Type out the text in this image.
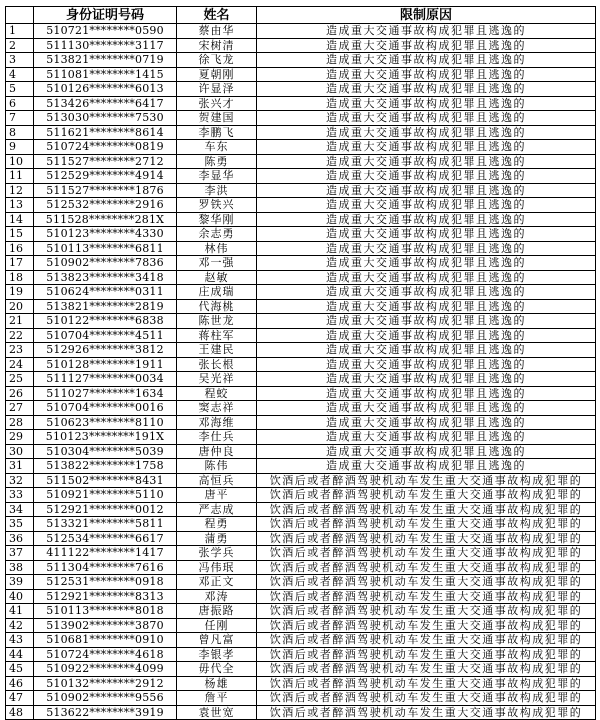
	身份证明号码	姓名	限制原因
1	510721********0590	蔡由华	造成重大交通事故构成犯罪且逃逸的
2	511130********3117	宋树清	造成重大交通事故构成犯罪且逃逸的
3	513821********0719	徐飞龙	造成重大交通事故构成犯罪且逃逸的
4	511081********1415	夏朝刚	造成重大交通事故构成犯罪且逃逸的
5	510126********6013	许显泽	造成重大交通事故构成犯罪且逃逸的
6	513426********6417	张兴才	造成重大交通事故构成犯罪且逃逸的
7	513030********7530	贺建国	造成重大交通事故构成犯罪且逃逸的
8	511621********8614	李鹏飞	造成重大交通事故构成犯罪且逃逸的
9	510724********0819	车东	造成重大交通事故构成犯罪且逃逸的
10	511527********2712	陈勇	造成重大交通事故构成犯罪且逃逸的
11	512529********4914	李显华	造成重大交通事故构成犯罪且逃逸的
12	511527********1876	李洪	造成重大交通事故构成犯罪且逃逸的
13	512532********2916	罗铁兴	造成重大交通事故构成犯罪且逃逸的
14	511528********281X	黎华刚	造成重大交通事故构成犯罪且逃逸的
15	510123********4330	余志勇	造成重大交通事故构成犯罪且逃逸的
16	510113********6811	林伟	造成重大交通事故构成犯罪且逃逸的
17	510902********7836	邓一强	造成重大交通事故构成犯罪且逃逸的
18	513823********3418	赵敏	造成重大交通事故构成犯罪且逃逸的
19	510624********0311	庄成瑞	造成重大交通事故构成犯罪且逃逸的
20	513821********2819	代海桃	造成重大交通事故构成犯罪且逃逸的
21	510122********6838	陈世龙	造成重大交通事故构成犯罪且逃逸的
22	510704********4511	蒋柱军	造成重大交通事故构成犯罪且逃逸的
23	512926********3812	王建民	造成重大交通事故构成犯罪且逃逸的
24	510128********1911	张长根	造成重大交通事故构成犯罪且逃逸的
25	511127********0034	吴光祥	造成重大交通事故构成犯罪且逃逸的
26	511027********1634	程蛟	造成重大交通事故构成犯罪且逃逸的
27	510704********0016	窦志祥	造成重大交通事故构成犯罪且逃逸的
28	510623********8110	邓海维	造成重大交通事故构成犯罪且逃逸的
29	510123********191X	李仕兵	造成重大交通事故构成犯罪且逃逸的
30	510304********5039	唐仲良	造成重大交通事故构成犯罪且逃逸的
31	513822********1758	陈伟	造成重大交通事故构成犯罪且逃逸的
32	511502********8431	高恒兵	饮酒后或者醉酒驾驶机动车发生重大交通事故构成犯罪的
33	510921********5110	唐平	饮酒后或者醉酒驾驶机动车发生重大交通事故构成犯罪的
34	512921********0012	严志成	饮酒后或者醉酒驾驶机动车发生重大交通事故构成犯罪的
35	513321********5811	程勇	饮酒后或者醉酒驾驶机动车发生重大交通事故构成犯罪的
36	512534********6617	蒲勇	饮酒后或者醉酒驾驶机动车发生重大交通事故构成犯罪的
37	411122********1417	张学兵	饮酒后或者醉酒驾驶机动车发生重大交通事故构成犯罪的
38	511304********7616	冯伟珉	饮酒后或者醉酒驾驶机动车发生重大交通事故构成犯罪的
39	512531********0918	邓正文	饮酒后或者醉酒驾驶机动车发生重大交通事故构成犯罪的
40	512921********8313	邓涛	饮酒后或者醉酒驾驶机动车发生重大交通事故构成犯罪的
41	510113********8018	唐振路	饮酒后或者醉酒驾驶机动车发生重大交通事故构成犯罪的
42	513902********3870	任刚	饮酒后或者醉酒驾驶机动车发生重大交通事故构成犯罪的
43	510681********0910	曾凡富	饮酒后或者醉酒驾驶机动车发生重大交通事故构成犯罪的
44	510724********4618	李银孝	饮酒后或者醉酒驾驶机动车发生重大交通事故构成犯罪的
45	510922********4099	毋代全	饮酒后或者醉酒驾驶机动车发生重大交通事故构成犯罪的
46	510132********2912	杨雄	饮酒后或者醉酒驾驶机动车发生重大交通事故构成犯罪的
47	510902********9556	詹平	饮酒后或者醉酒驾驶机动车发生重大交通事故构成犯罪的
48	513622********3919	袁世宽	饮酒后或者醉酒驾驶机动车发生重大交通事故构成犯罪的
